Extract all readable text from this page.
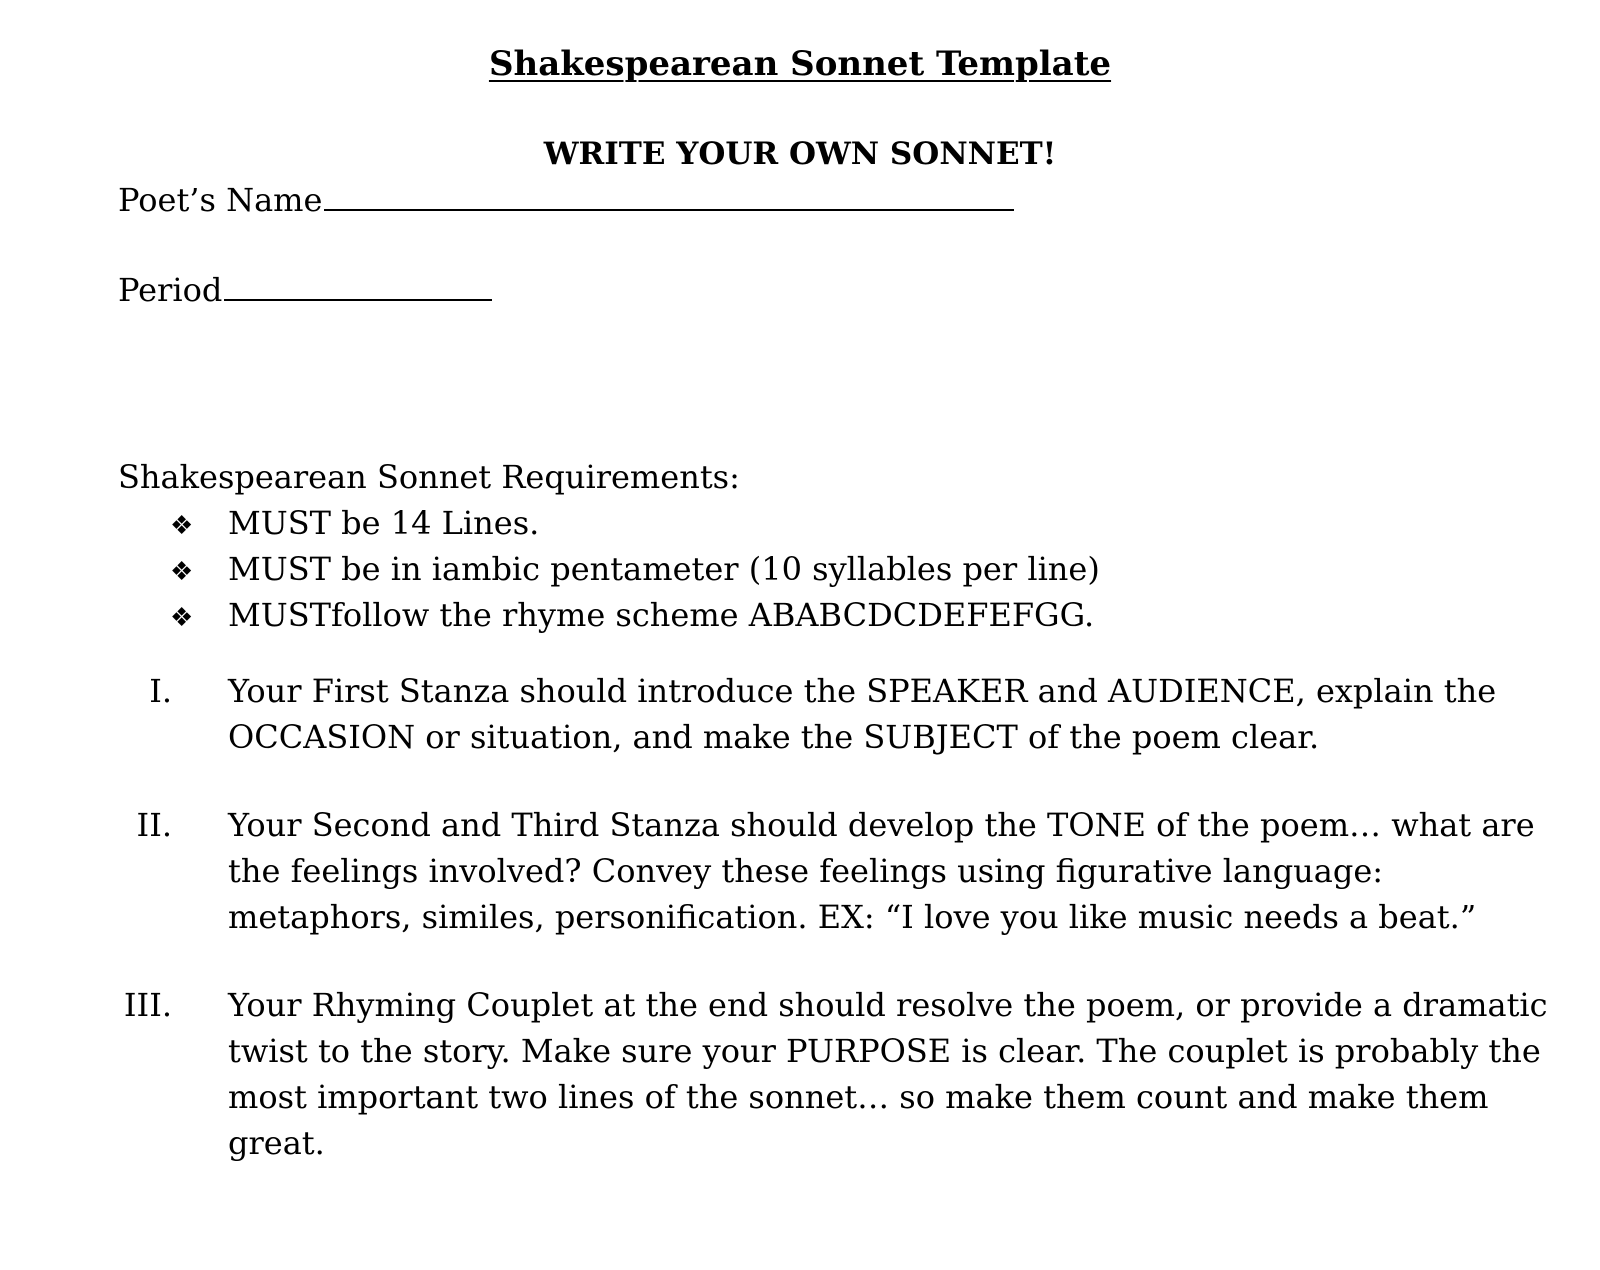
Shakespearean Sonnet Template
WRITE YOUR OWN SONNET!
Poet’s Name
Period
Shakespearean Sonnet Requirements:
❖ MUST be 14 Lines.
❖ MUST be in iambic pentameter (10 syllables per line)
❖ MUSTfollow the rhyme scheme ABABCDCDEFEFGG.
I.	Your First Stanza should introduce the SPEAKER and AUDIENCE, explain the OCCASION or situation, and make the SUBJECT of the poem clear.
II.	Your Second and Third Stanza should develop the TONE of the poem… what are the feelings involved? Convey these feelings using figurative language: metaphors, similes, personification. EX: “I love you like music needs a beat.”
III.	Your Rhyming Couplet at the end should resolve the poem, or provide a dramatic twist to the story. Make sure your PURPOSE is clear. The couplet is probably the most important two lines of the sonnet… so make them count and make them great.
